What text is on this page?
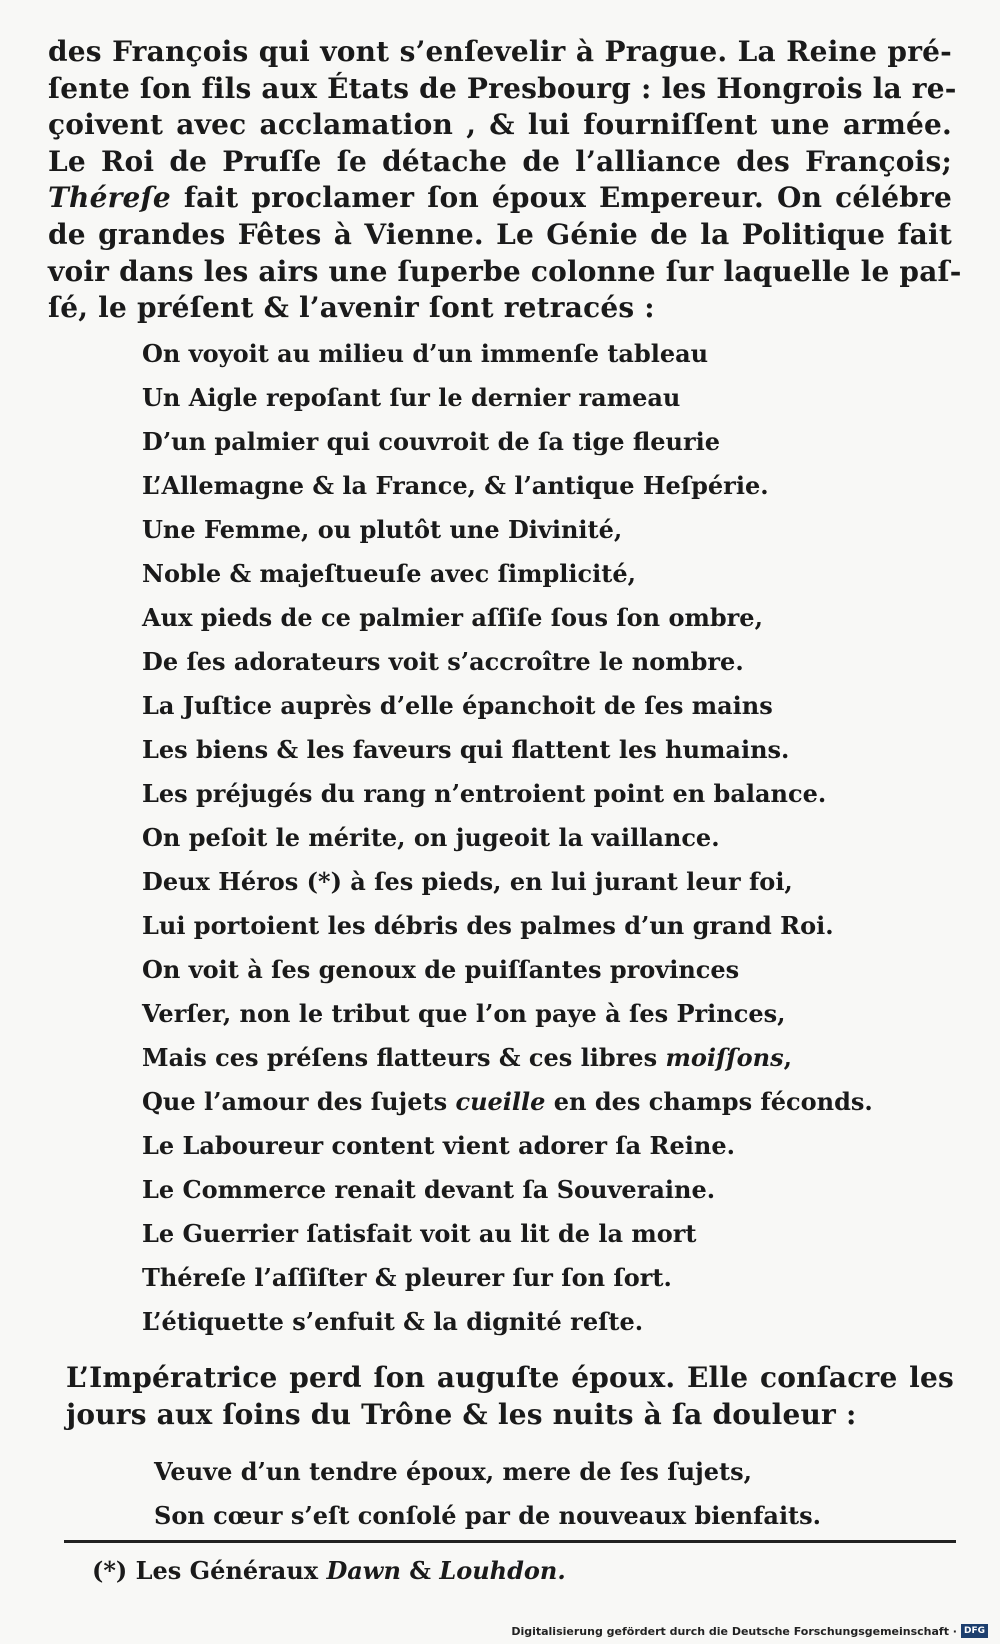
des François qui vont s’enſevelir à Prague. La Reine pré-
ſente ſon fils aux États de Presbourg : les Hongrois la re-
çoivent avec acclamation , & lui fourniſſent une armée.
Le Roi de Pruſſe ſe détache de l’alliance des François;
Théreſe fait proclamer ſon époux Empereur. On célébre
de grandes Fêtes à Vienne. Le Génie de la Politique fait
voir dans les airs une ſuperbe colonne ſur laquelle le paſ-
ſé, le préſent & l’avenir ſont retracés :
On voyoit au milieu d’un immenſe tableau
Un Aigle repoſant ſur le dernier rameau
D’un palmier qui couvroit de ſa tige fleurie
L’Allemagne & la France, & l’antique Heſpérie.
Une Femme, ou plutôt une Divinité,
Noble & majeſtueuſe avec ſimplicité,
Aux pieds de ce palmier aſſiſe ſous ſon ombre,
De ſes adorateurs voit s’accroître le nombre.
La Juſtice auprès d’elle épanchoit de ſes mains
Les biens & les faveurs qui flattent les humains.
Les préjugés du rang n’entroient point en balance.
On peſoit le mérite, on jugeoit la vaillance.
Deux Héros (*) à ſes pieds, en lui jurant leur foi,
Lui portoient les débris des palmes d’un grand Roi.
On voit à ſes genoux de puiſſantes provinces
Verſer, non le tribut que l’on paye à ſes Princes,
Mais ces préſens flatteurs & ces libres moiſſons,
Que l’amour des ſujets cueille en des champs féconds.
Le Laboureur content vient adorer ſa Reine.
Le Commerce renait devant ſa Souveraine.
Le Guerrier ſatisfait voit au lit de la mort
Théreſe l’aſſiſter & pleurer ſur ſon ſort.
L’étiquette s’enfuit & la dignité reſte.
L’Impératrice perd ſon auguſte époux. Elle conſacre les
jours aux ſoins du Trône & les nuits à ſa douleur :
Veuve d’un tendre époux, mere de ſes ſujets,
Son cœur s’eſt conſolé par de nouveaux bienfaits.
(*) Les Généraux Dawn & Louhdon.
Digitalisierung gefördert durch die Deutsche Forschungsgemeinschaft · DFG
